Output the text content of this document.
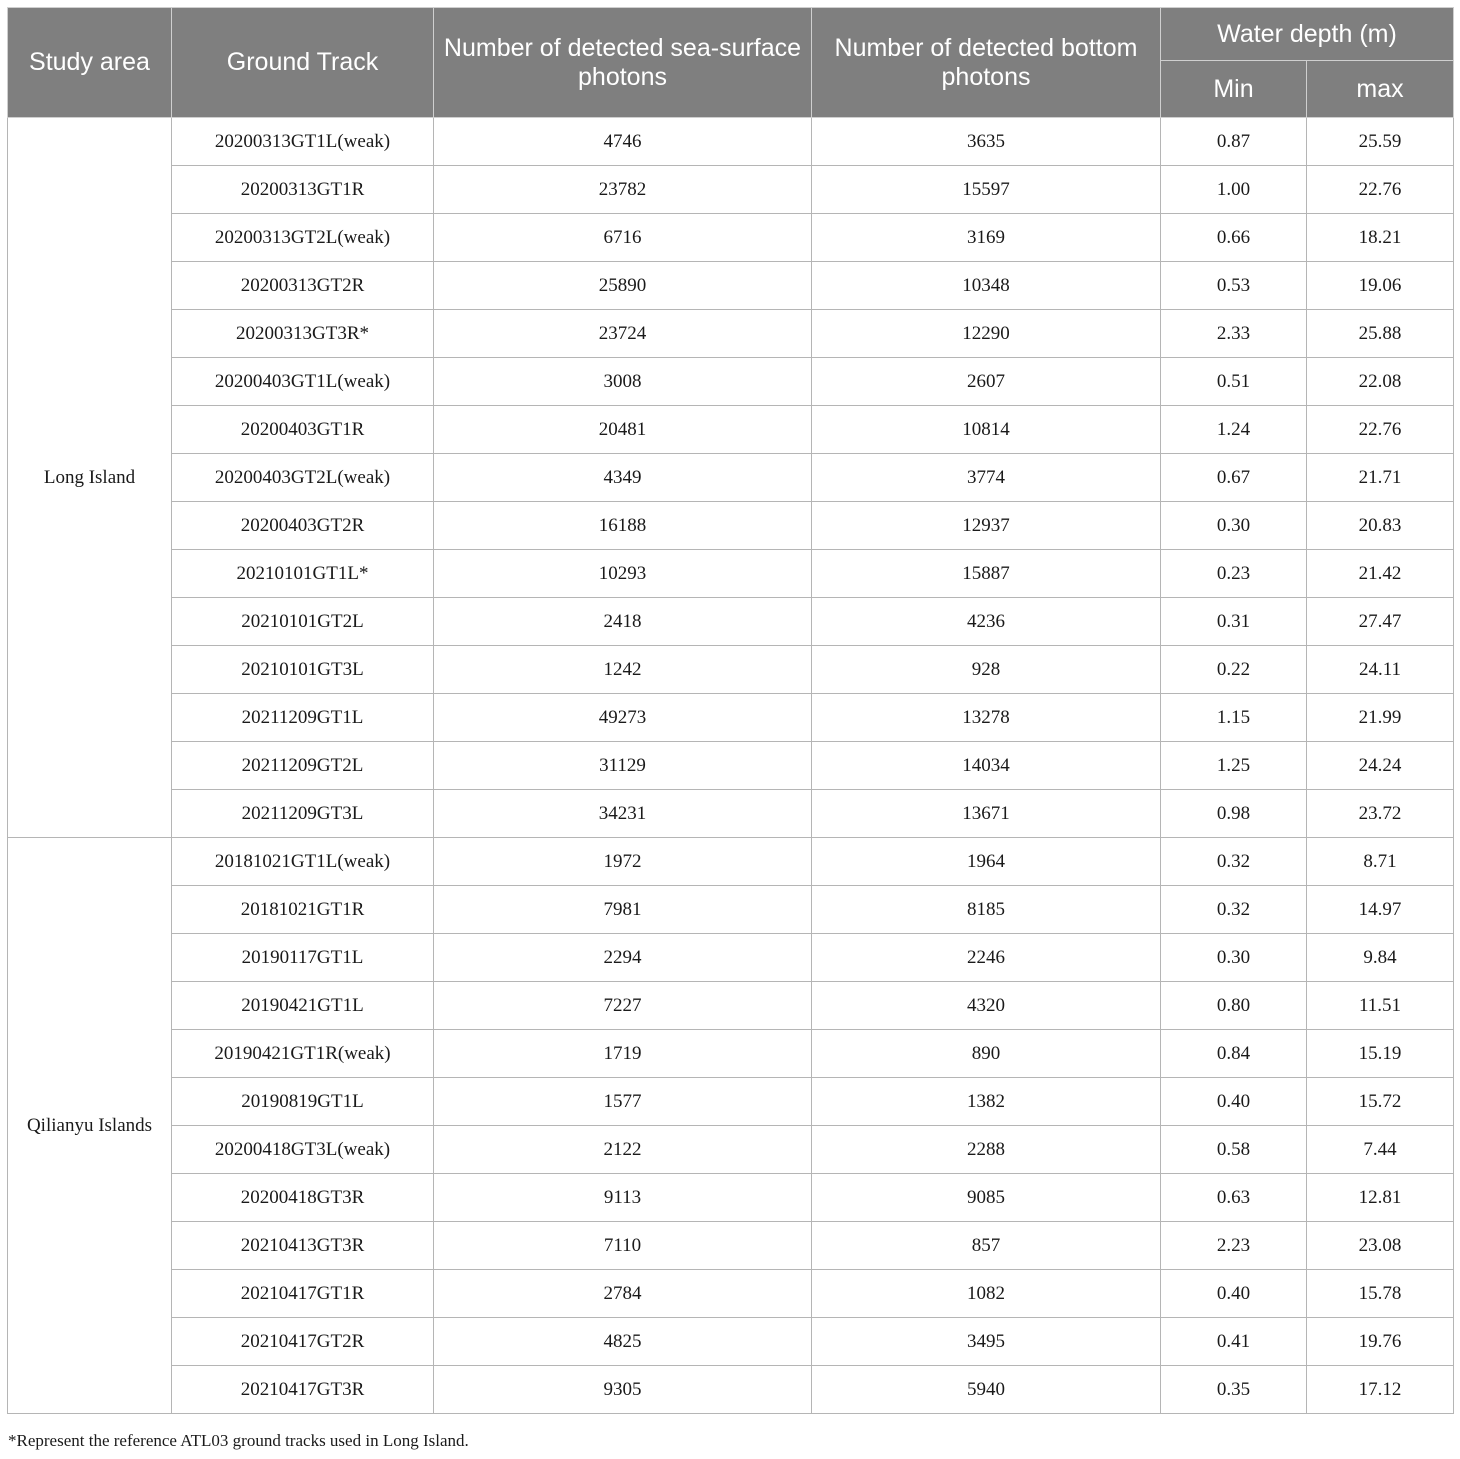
Study area	Ground Track	Number of detected sea-surface photons	Number of detected bottom photons	Water depth (m)	
				Min	max
Long Island	20200313GT1L(weak)	4746	3635	0.87	25.59
	20200313GT1R	23782	15597	1.00	22.76
	20200313GT2L(weak)	6716	3169	0.66	18.21
	20200313GT2R	25890	10348	0.53	19.06
	20200313GT3R*	23724	12290	2.33	25.88
	20200403GT1L(weak)	3008	2607	0.51	22.08
	20200403GT1R	20481	10814	1.24	22.76
	20200403GT2L(weak)	4349	3774	0.67	21.71
	20200403GT2R	16188	12937	0.30	20.83
	20210101GT1L*	10293	15887	0.23	21.42
	20210101GT2L	2418	4236	0.31	27.47
	20210101GT3L	1242	928	0.22	24.11
	20211209GT1L	49273	13278	1.15	21.99
	20211209GT2L	31129	14034	1.25	24.24
	20211209GT3L	34231	13671	0.98	23.72
Qilianyu Islands	20181021GT1L(weak)	1972	1964	0.32	8.71
	20181021GT1R	7981	8185	0.32	14.97
	20190117GT1L	2294	2246	0.30	9.84
	20190421GT1L	7227	4320	0.80	11.51
	20190421GT1R(weak)	1719	890	0.84	15.19
	20190819GT1L	1577	1382	0.40	15.72
	20200418GT3L(weak)	2122	2288	0.58	7.44
	20200418GT3R	9113	9085	0.63	12.81
	20210413GT3R	7110	857	2.23	23.08
	20210417GT1R	2784	1082	0.40	15.78
	20210417GT2R	4825	3495	0.41	19.76
	20210417GT3R	9305	5940	0.35	17.12
*Represent the reference ATL03 ground tracks used in Long Island.
